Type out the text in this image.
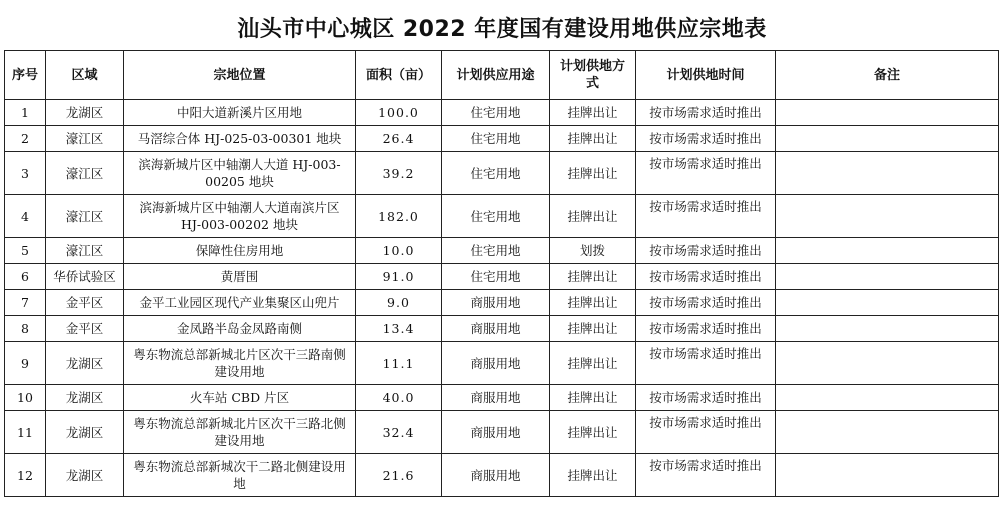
汕头市中心城区 2022 年度国有建设用地供应宗地表
序号	区域	宗地位置	面积（亩）	计划供应用途	计划供地方式	计划供地时间	备注
1	龙湖区	中阳大道新溪片区用地	100.0	住宅用地	挂牌出让	按市场需求适时推出	
2	濠江区	马滘综合体 HJ-025-03-00301 地块	26.4	住宅用地	挂牌出让	按市场需求适时推出	
3	濠江区	滨海新城片区中轴潮人大道 HJ-003-00205 地块	39.2	住宅用地	挂牌出让	按市场需求适时推出	
4	濠江区	滨海新城片区中轴潮人大道南滨片区 HJ-003-00202 地块	182.0	住宅用地	挂牌出让	按市场需求适时推出	
5	濠江区	保障性住房用地	10.0	住宅用地	划拨	按市场需求适时推出	
6	华侨试验区	黄厝围	91.0	住宅用地	挂牌出让	按市场需求适时推出	
7	金平区	金平工业园区现代产业集聚区山兜片	9.0	商服用地	挂牌出让	按市场需求适时推出	
8	金平区	金凤路半岛金凤路南侧	13.4	商服用地	挂牌出让	按市场需求适时推出	
9	龙湖区	粤东物流总部新城北片区次干三路南侧建设用地	11.1	商服用地	挂牌出让	按市场需求适时推出	
10	龙湖区	火车站 CBD 片区	40.0	商服用地	挂牌出让	按市场需求适时推出	
11	龙湖区	粤东物流总部新城北片区次干三路北侧建设用地	32.4	商服用地	挂牌出让	按市场需求适时推出	
12	龙湖区	粤东物流总部新城次干二路北侧建设用地	21.6	商服用地	挂牌出让	按市场需求适时推出	
